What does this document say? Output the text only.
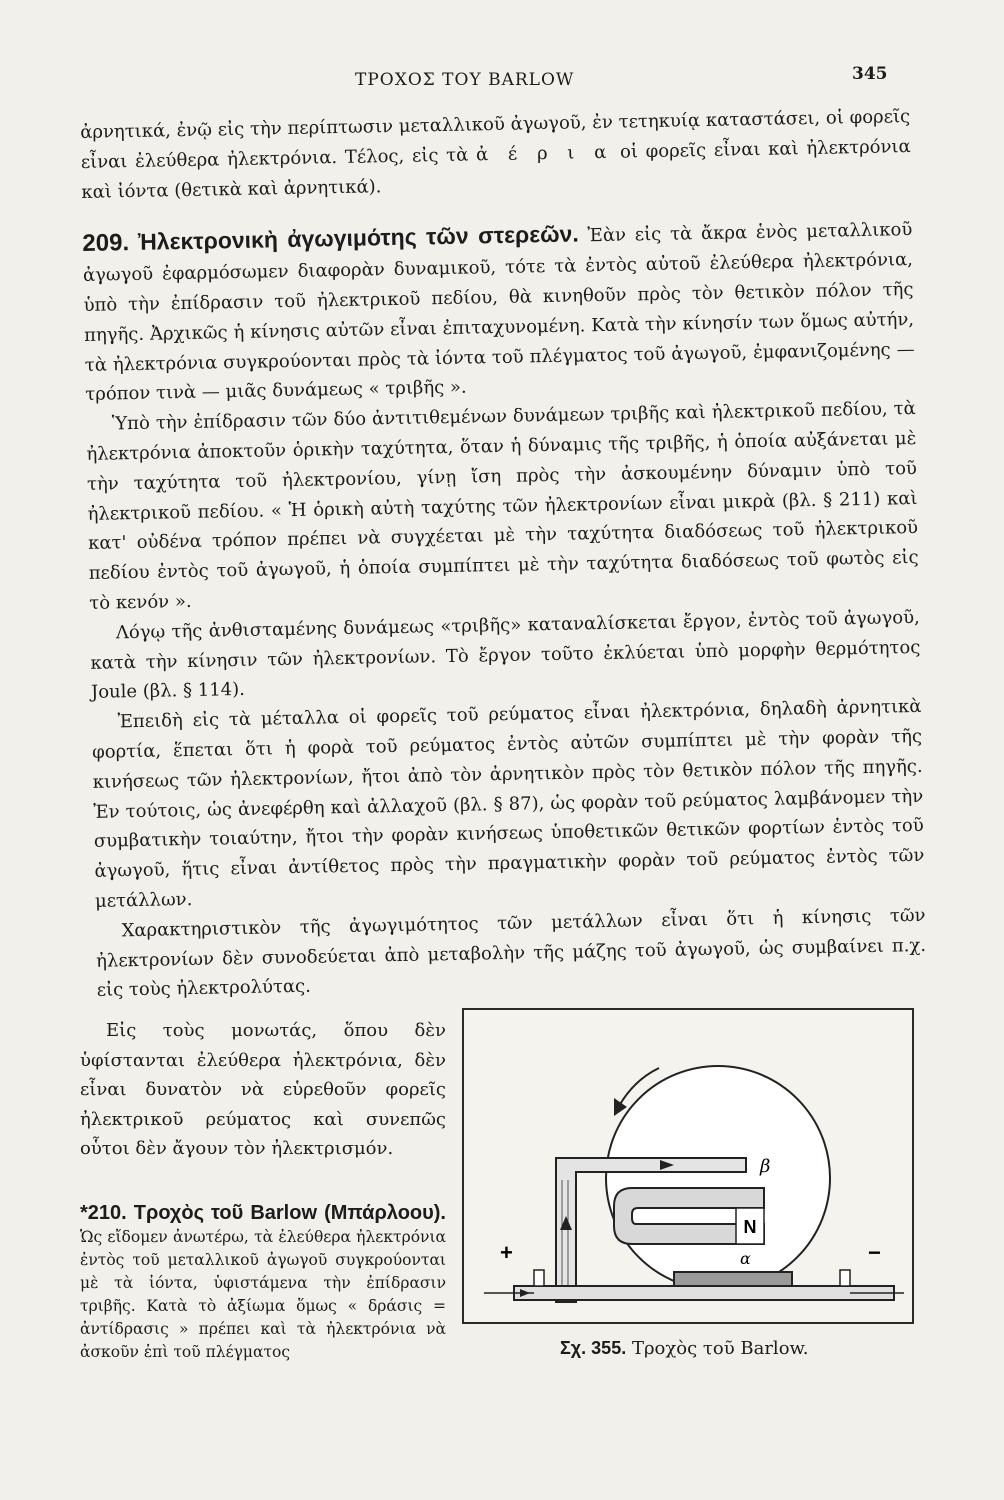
ΤΡΟΧΟΣ ΤΟΥ BARLOW	345

ἀρνητικά, ἐνῷ εἰς τὴν περίπτωσιν μεταλλικοῦ ἀγωγοῦ, ἐν τετηκυίᾳ καταστάσει, οἱ φορεῖς εἶναι ἐλεύθερα ἠλεκτρόνια. Τέλος, εἰς τὰ ἀ έ ρ ι α οἱ φορεῖς εἶναι καὶ ἠλεκτρόνια καὶ ἰόντα (θετικὰ καὶ ἀρνητικά).

209. Ἠλεκτρονικὴ ἀγωγιμότης τῶν στερεῶν. Ἐὰν εἰς τὰ ἄκρα ἑνὸς μεταλλικοῦ ἀγωγοῦ ἐφαρμόσωμεν διαφορὰν δυναμικοῦ, τότε τὰ ἐντὸς αὐτοῦ ἐλεύθερα ἠλεκτρόνια, ὑπὸ τὴν ἐπίδρασιν τοῦ ἠλεκτρικοῦ πεδίου, θὰ κινηθοῦν πρὸς τὸν θετικὸν πόλον τῆς πηγῆς. Ἀρχικῶς ἡ κίνησις αὐτῶν εἶναι ἐπιταχυνομένη. Κατὰ τὴν κίνησίν των ὅμως αὐτήν, τὰ ἠλεκτρόνια συγκρούονται πρὸς τὰ ἰόντα τοῦ πλέγματος τοῦ ἀγωγοῦ, ἐμφανιζομένης — τρόπον τινὰ — μιᾶς δυνάμεως « τριβῆς ».

Ὑπὸ τὴν ἐπίδρασιν τῶν δύο ἀντιτιθεμένων δυνάμεων τριβῆς καὶ ἠλεκτρικοῦ πεδίου, τὰ ἠλεκτρόνια ἀποκτοῦν ὁρικὴν ταχύτητα, ὅταν ἡ δύναμις τῆς τριβῆς, ἡ ὁποία αὐξάνεται μὲ τὴν ταχύτητα τοῦ ἠλεκτρονίου, γίνῃ ἴση πρὸς τὴν ἀσκουμένην δύναμιν ὑπὸ τοῦ ἠλεκτρικοῦ πεδίου. « Ἡ ὁρικὴ αὐτὴ ταχύτης τῶν ἠλεκτρονίων εἶναι μικρὰ (βλ. § 211) καὶ κατ' οὐδένα τρόπον πρέπει νὰ συγχέεται μὲ τὴν ταχύτητα διαδόσεως τοῦ ἠλεκτρικοῦ πεδίου ἐντὸς τοῦ ἀγωγοῦ, ἡ ὁποία συμπίπτει μὲ τὴν ταχύτητα διαδόσεως τοῦ φωτὸς εἰς τὸ κενόν ».

Λόγῳ τῆς ἀνθισταμένης δυνάμεως «τριβῆς» καταναλίσκεται ἔργον, ἐντὸς τοῦ ἀγωγοῦ, κατὰ τὴν κίνησιν τῶν ἠλεκτρονίων. Τὸ ἔργον τοῦτο ἐκλύεται ὑπὸ μορφὴν θερμότητος Joule (βλ. § 114).

Ἐπειδὴ εἰς τὰ μέταλλα οἱ φορεῖς τοῦ ρεύματος εἶναι ἠλεκτρόνια, δηλαδὴ ἀρνητικὰ φορτία, ἕπεται ὅτι ἡ φορὰ τοῦ ρεύματος ἐντὸς αὐτῶν συμπίπτει μὲ τὴν φορὰν τῆς κινήσεως τῶν ἠλεκτρονίων, ἤτοι ἀπὸ τὸν ἀρνητικὸν πρὸς τὸν θετικὸν πόλον τῆς πηγῆς. Ἐν τούτοις, ὡς ἀνεφέρθη καὶ ἀλλαχοῦ (βλ. § 87), ὡς φορὰν τοῦ ρεύματος λαμβάνομεν τὴν συμβατικὴν τοιαύτην, ἤτοι τὴν φορὰν κινήσεως ὑποθετικῶν θετικῶν φορτίων ἐντὸς τοῦ ἀγωγοῦ, ἥτις εἶναι ἀντίθετος πρὸς τὴν πραγματικὴν φορὰν τοῦ ρεύματος ἐντὸς τῶν μετάλλων.

Χαρακτηριστικὸν τῆς ἀγωγιμότητος τῶν μετάλλων εἶναι ὅτι ἡ κίνησις τῶν ἠλεκτρονίων δὲν συνοδεύεται ἀπὸ μεταβολὴν τῆς μάζης τοῦ ἀγωγοῦ, ὡς συμβαίνει π.χ. εἰς τοὺς ἠλεκτρολύτας.

Εἰς τοὺς μονωτάς, ὅπου δὲν ὑφίστανται ἐλεύθερα ἠλεκτρόνια, δὲν εἶναι δυνατὸν νὰ εὑρεθοῦν φορεῖς ἠλεκτρικοῦ ρεύματος καὶ συνεπῶς οὗτοι δὲν ἄγουν τὸν ἠλεκτρισμόν.

*210. Τροχὸς τοῦ Barlow (Μπάρλοου). Ὡς εἴδομεν ἀνωτέρω, τὰ ἐλεύθερα ἠλεκτρόνια ἐντὸς τοῦ μεταλλικοῦ ἀγωγοῦ συγκρούονται μὲ τὰ ἰόντα, ὑφιστάμενα τὴν ἐπίδρασιν τριβῆς. Κατὰ τὸ ἀξίωμα ὅμως « δράσις = ἀντίδρασις » πρέπει καὶ τὰ ἠλεκτρόνια νὰ ἀσκοῦν ἐπὶ τοῦ πλέγματος

N
+	−
β
α
Σχ. 355. Τροχὸς τοῦ Barlow.
